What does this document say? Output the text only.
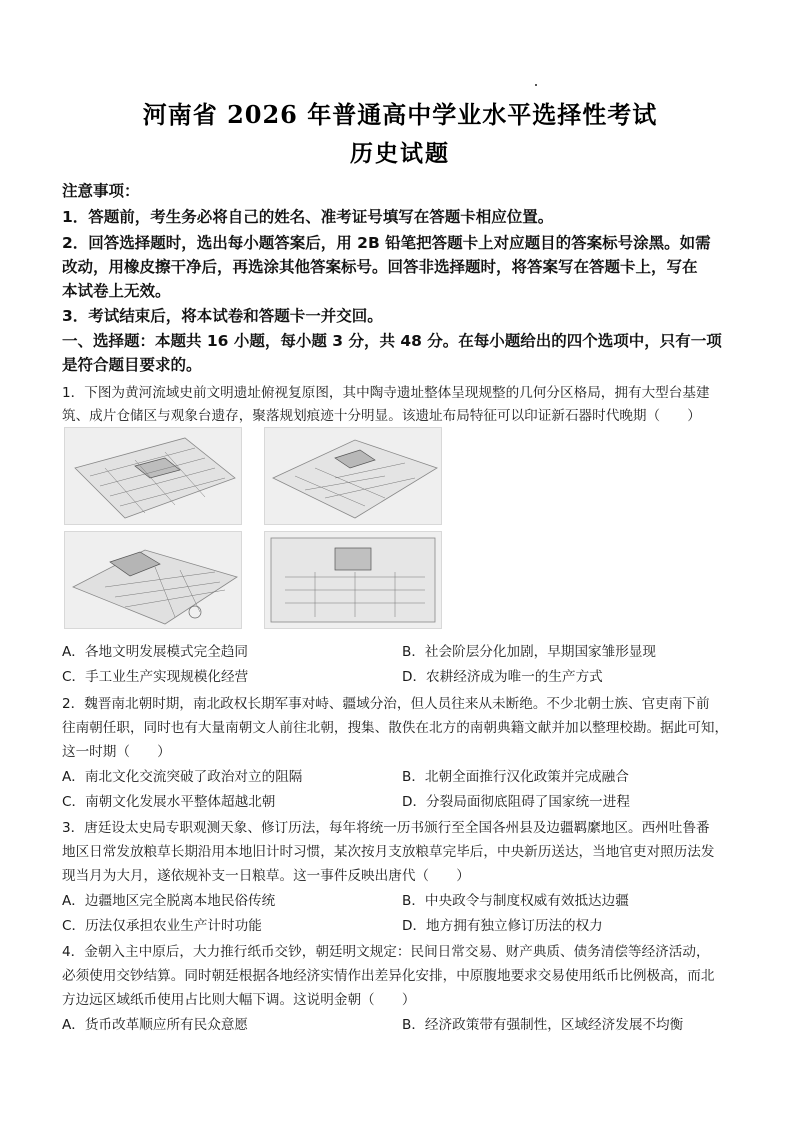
河南省 2026 年普通高中学业水平选择性考试
历史试题
注意事项：
1．答题前，考生务必将自己的姓名、准考证号填写在答题卡相应位置。
2．回答选择题时，选出每小题答案后，用 2B 铅笔把答题卡上对应题目的答案标号涂黑。如需
改动，用橡皮擦干净后，再选涂其他答案标号。回答非选择题时，将答案写在答题卡上，写在
本试卷上无效。
3．考试结束后，将本试卷和答题卡一并交回。
一、选择题：本题共 16 小题，每小题 3 分，共 48 分。在每小题给出的四个选项中，只有一项
是符合题目要求的。
1．下图为黄河流域史前文明遗址俯视复原图，其中陶寺遗址整体呈现规整的几何分区格局，拥有大型台基建
筑、成片仓储区与观象台遗存，聚落规划痕迹十分明显。该遗址布局特征可以印证新石器时代晚期（　　）
A．各地文明发展模式完全趋同	B．社会阶层分化加剧，早期国家雏形显现
C．手工业生产实现规模化经营	D．农耕经济成为唯一的生产方式
2．魏晋南北朝时期，南北政权长期军事对峙、疆域分治，但人员往来从未断绝。不少北朝士族、官吏南下前
往南朝任职，同时也有大量南朝文人前往北朝，搜集、散佚在北方的南朝典籍文献并加以整理校勘。据此可知，
这一时期（　　）
A．南北文化交流突破了政治对立的阻隔	B．北朝全面推行汉化政策并完成融合
C．南朝文化发展水平整体超越北朝	D．分裂局面彻底阻碍了国家统一进程
3．唐廷设太史局专职观测天象、修订历法，每年将统一历书颁行至全国各州县及边疆羁縻地区。西州吐鲁番
地区日常发放粮草长期沿用本地旧计时习惯，某次按月支放粮草完毕后，中央新历送达，当地官吏对照历法发
现当月为大月，遂依规补支一日粮草。这一事件反映出唐代（　　）
A．边疆地区完全脱离本地民俗传统	B．中央政令与制度权威有效抵达边疆
C．历法仅承担农业生产计时功能	D．地方拥有独立修订历法的权力
4．金朝入主中原后，大力推行纸币交钞，朝廷明文规定：民间日常交易、财产典质、债务清偿等经济活动，
必须使用交钞结算。同时朝廷根据各地经济实情作出差异化安排，中原腹地要求交易使用纸币比例极高，而北
方边远区域纸币使用占比则大幅下调。这说明金朝（　　）
A．货币改革顺应所有民众意愿	B．经济政策带有强制性，区域经济发展不均衡
